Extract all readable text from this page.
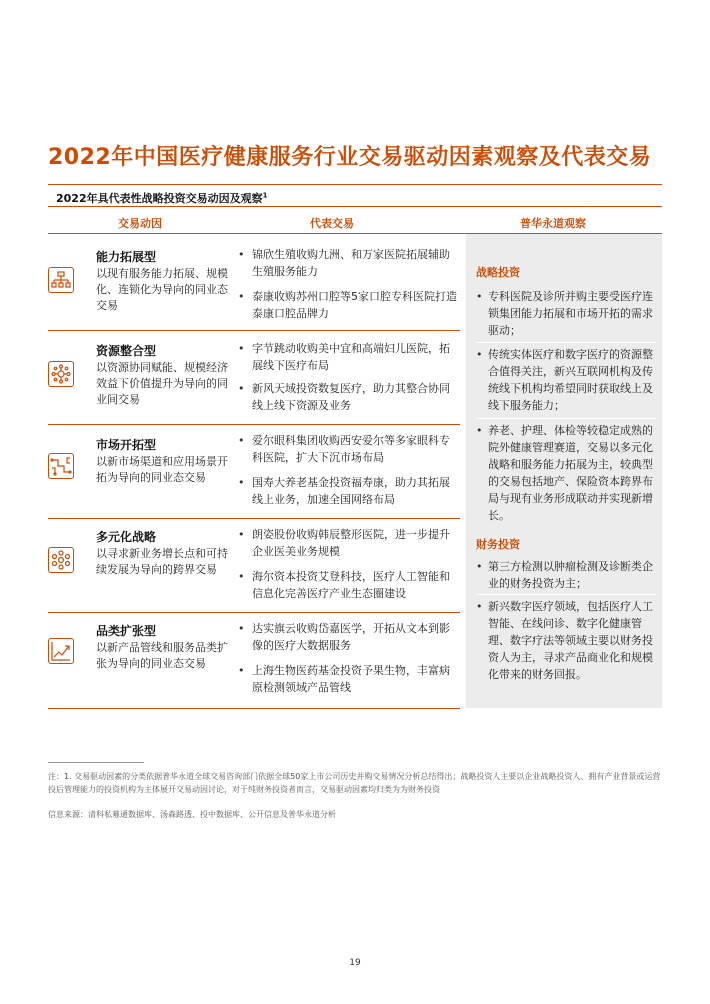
2022年中国医疗健康服务行业交易驱动因素观察及代表交易
2022年具代表性战略投资交易动因及观察$^1$
交易动因	代表交易	普华永道观察
能力拓展型
以现有服务能力拓展、规模化、连锁化为导向的同业态交易
• 锦欣生殖收购九洲、和万家医院拓展辅助生殖服务能力
• 泰康收购苏州口腔等5家口腔专科医院打造泰康口腔品牌力
资源整合型
以资源协同赋能、规模经济效益下价值提升为导向的同业间交易
• 字节跳动收购美中宜和高端妇儿医院，拓展线下医疗布局
• 新风天域投资数复医疗，助力其整合协同线上线下资源及业务
市场开拓型
以新市场渠道和应用场景开拓为导向的同业态交易
• 爱尔眼科集团收购西安爱尔等多家眼科专科医院，扩大下沉市场布局
• 国寿大养老基金投资福寿康，助力其拓展线上业务，加速全国网络布局
多元化战略
以寻求新业务增长点和可持续发展为导向的跨界交易
• 朗姿股份收购韩辰整形医院，进一步提升企业医美业务规模
• 海尔资本投资艾登科技，医疗人工智能和信息化完善医疗产业生态圈建设
品类扩张型
以新产品管线和服务品类扩张为导向的同业态交易
• 达实旗云收购岱嘉医学，开拓从文本到影像的医疗大数据服务
• 上海生物医药基金投资予果生物，丰富病原检测领域产品管线
战略投资
• 专科医院及诊所并购主要受医疗连锁集团能力拓展和市场开拓的需求驱动；
• 传统实体医疗和数字医疗的资源整合值得关注，新兴互联网机构及传统线下机构均希望同时获取线上及线下服务能力；
• 养老、护理、体检等较稳定成熟的院外健康管理赛道，交易以多元化战略和服务能力拓展为主，较典型的交易包括地产、保险资本跨界布局与现有业务形成联动并实现新增长。
财务投资
• 第三方检测以肿瘤检测及诊断类企业的财务投资为主；
• 新兴数字医疗领域，包括医疗人工智能、在线问诊、数字化健康管理、数字疗法等领域主要以财务投资人为主，寻求产品商业化和规模化带来的财务回报。
注：1. 交易驱动因素的分类依据普华永道全球交易咨询部门依据全球50家上市公司历史并购交易情况分析总结得出；战略投资人主要以企业战略投资人、拥有产业背景或运营投后管理能力的投资机构为主体展开交易动因讨论，对于纯财务投资者而言，交易驱动因素均归类为为财务投资
信息来源：清科私募通数据库、汤森路透、投中数据库、公开信息及普华永道分析
19
